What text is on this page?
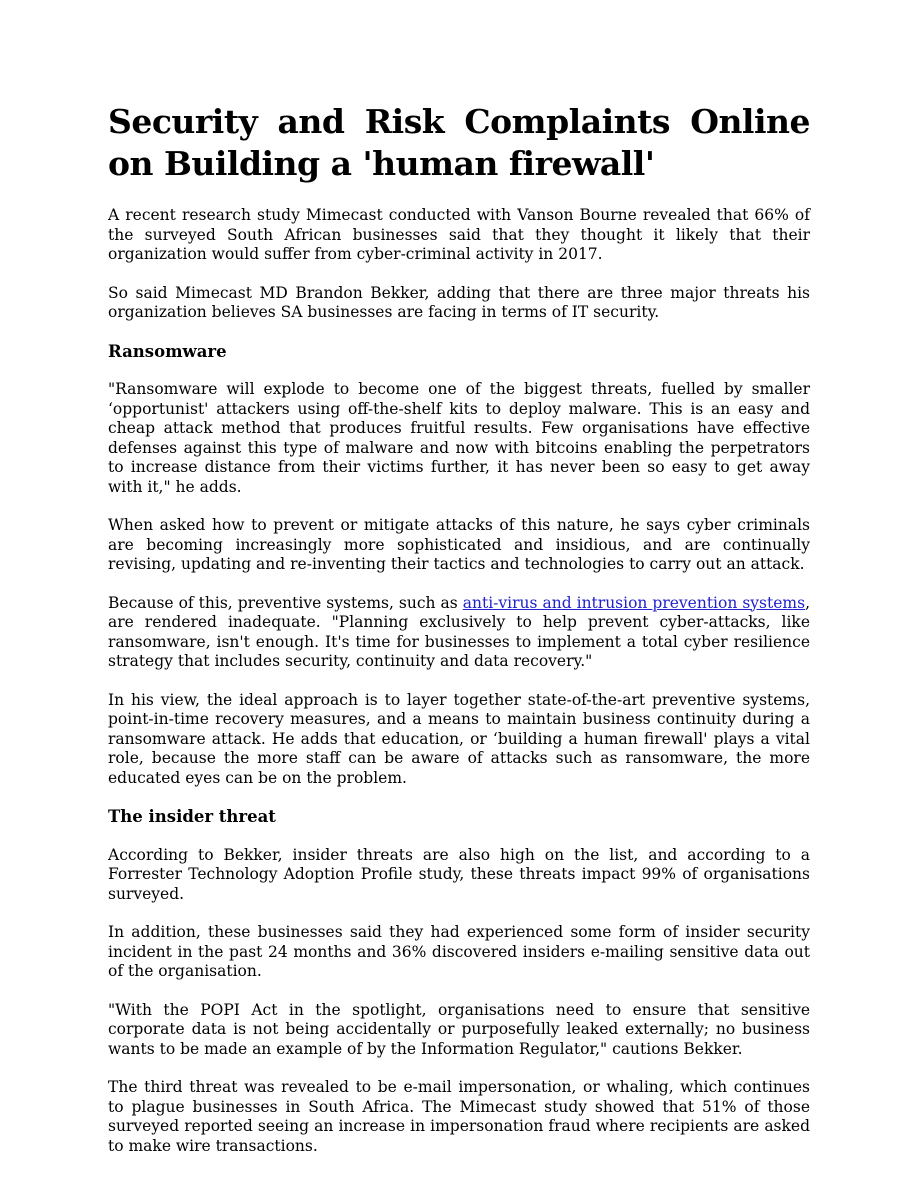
Security and Risk Complaints Online
on Building a 'human firewall'

A recent research study Mimecast conducted with Vanson Bourne revealed that 66% of the surveyed South African businesses said that they thought it likely that their organization would suffer from cyber-criminal activity in 2017.

So said Mimecast MD Brandon Bekker, adding that there are three major threats his organization believes SA businesses are facing in terms of IT security.

Ransomware

"Ransomware will explode to become one of the biggest threats, fuelled by smaller ‘opportunist' attackers using off-the-shelf kits to deploy malware. This is an easy and cheap attack method that produces fruitful results. Few organisations have effective defenses against this type of malware and now with bitcoins enabling the perpetrators to increase distance from their victims further, it has never been so easy to get away with it," he adds.

When asked how to prevent or mitigate attacks of this nature, he says cyber criminals are becoming increasingly more sophisticated and insidious, and are continually revising, updating and re-inventing their tactics and technologies to carry out an attack.

Because of this, preventive systems, such as anti-virus and intrusion prevention systems, are rendered inadequate. "Planning exclusively to help prevent cyber-attacks, like ransomware, isn't enough. It's time for businesses to implement a total cyber resilience strategy that includes security, continuity and data recovery."

In his view, the ideal approach is to layer together state-of-the-art preventive systems, point-in-time recovery measures, and a means to maintain business continuity during a ransomware attack. He adds that education, or ‘building a human firewall' plays a vital role, because the more staff can be aware of attacks such as ransomware, the more educated eyes can be on the problem.

The insider threat

According to Bekker, insider threats are also high on the list, and according to a Forrester Technology Adoption Profile study, these threats impact 99% of organisations surveyed.

In addition, these businesses said they had experienced some form of insider security incident in the past 24 months and 36% discovered insiders e-mailing sensitive data out of the organisation.

"With the POPI Act in the spotlight, organisations need to ensure that sensitive corporate data is not being accidentally or purposefully leaked externally; no business wants to be made an example of by the Information Regulator," cautions Bekker.

The third threat was revealed to be e-mail impersonation, or whaling, which continues to plague businesses in South Africa. The Mimecast study showed that 51% of those surveyed reported seeing an increase in impersonation fraud where recipients are asked to make wire transactions.
